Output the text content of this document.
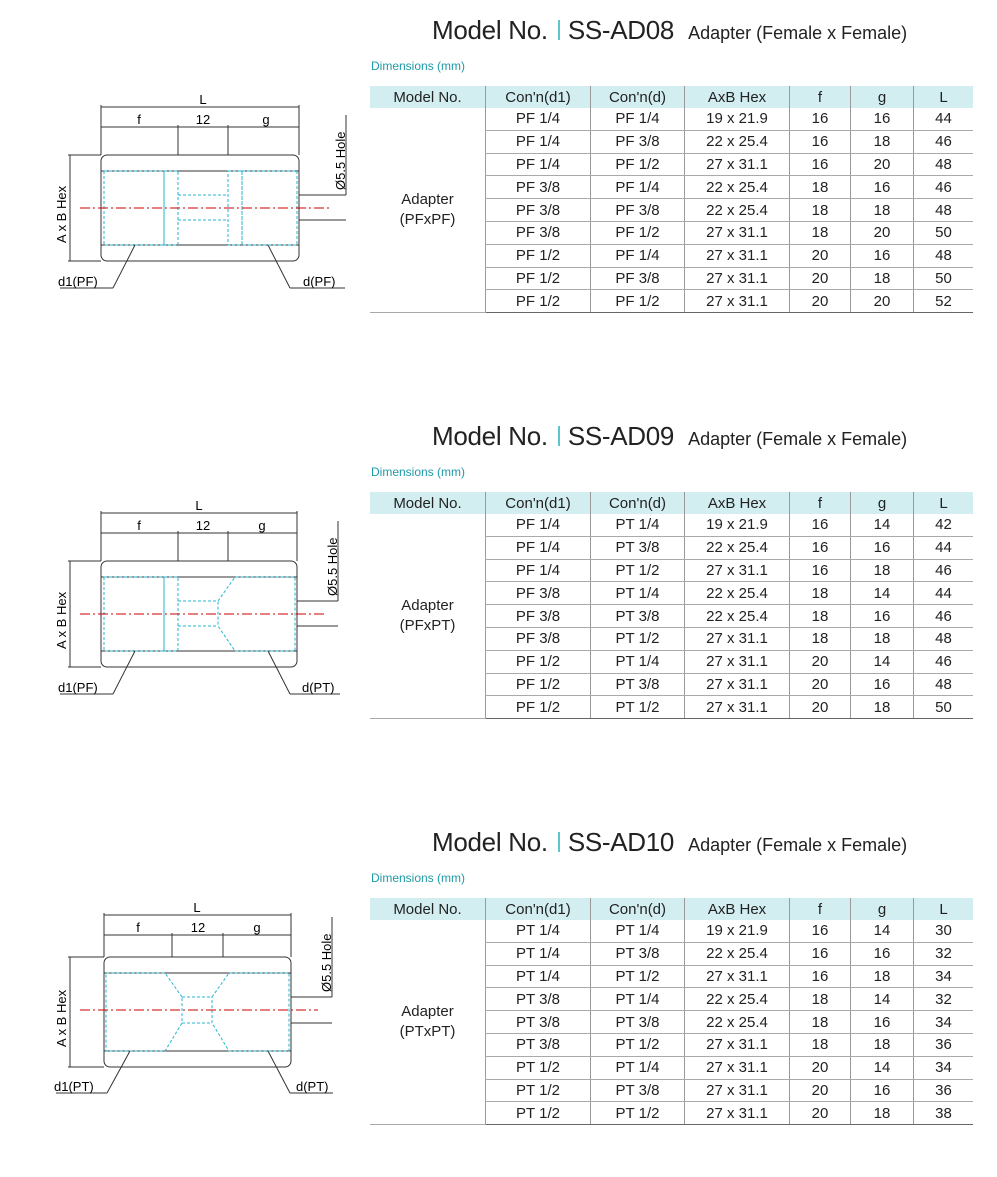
Model No. SS-AD08 Adapter (Female x Female)
Dimensions (mm)
L
f	12	g
Ø5.5 Hole
A x B Hex
d1(PF)	d(PF)
Model No.	Con'n(d1)	Con'n(d)	AxB Hex	f	g	L
Adapter
(PFxPF)	PF 1/4	PF 1/4	19 x 21.9	16	16	44
	PF 1/4	PF 3/8	22 x 25.4	16	18	46
	PF 1/4	PF 1/2	27 x 31.1	16	20	48
	PF 3/8	PF 1/4	22 x 25.4	18	16	46
	PF 3/8	PF 3/8	22 x 25.4	18	18	48
	PF 3/8	PF 1/2	27 x 31.1	18	20	50
	PF 1/2	PF 1/4	27 x 31.1	20	16	48
	PF 1/2	PF 3/8	27 x 31.1	20	18	50
	PF 1/2	PF 1/2	27 x 31.1	20	20	52
Model No. SS-AD09 Adapter (Female x Female)
Dimensions (mm)
L
f	12	g
Ø5.5 Hole
A x B Hex
d1(PF)	d(PT)
Model No.	Con'n(d1)	Con'n(d)	AxB Hex	f	g	L
Adapter
(PFxPT)	PF 1/4	PT 1/4	19 x 21.9	16	14	42
	PF 1/4	PT 3/8	22 x 25.4	16	16	44
	PF 1/4	PT 1/2	27 x 31.1	16	18	46
	PF 3/8	PT 1/4	22 x 25.4	18	14	44
	PF 3/8	PT 3/8	22 x 25.4	18	16	46
	PF 3/8	PT 1/2	27 x 31.1	18	18	48
	PF 1/2	PT 1/4	27 x 31.1	20	14	46
	PF 1/2	PT 3/8	27 x 31.1	20	16	48
	PF 1/2	PT 1/2	27 x 31.1	20	18	50
Model No. SS-AD10 Adapter (Female x Female)
Dimensions (mm)
L
f	12	g
Ø5.5 Hole
A x B Hex
d1(PT)	d(PT)
Model No.	Con'n(d1)	Con'n(d)	AxB Hex	f	g	L
Adapter
(PTxPT)	PT 1/4	PT 1/4	19 x 21.9	16	14	30
	PT 1/4	PT 3/8	22 x 25.4	16	16	32
	PT 1/4	PT 1/2	27 x 31.1	16	18	34
	PT 3/8	PT 1/4	22 x 25.4	18	14	32
	PT 3/8	PT 3/8	22 x 25.4	18	16	34
	PT 3/8	PT 1/2	27 x 31.1	18	18	36
	PT 1/2	PT 1/4	27 x 31.1	20	14	34
	PT 1/2	PT 3/8	27 x 31.1	20	16	36
	PT 1/2	PT 1/2	27 x 31.1	20	18	38
